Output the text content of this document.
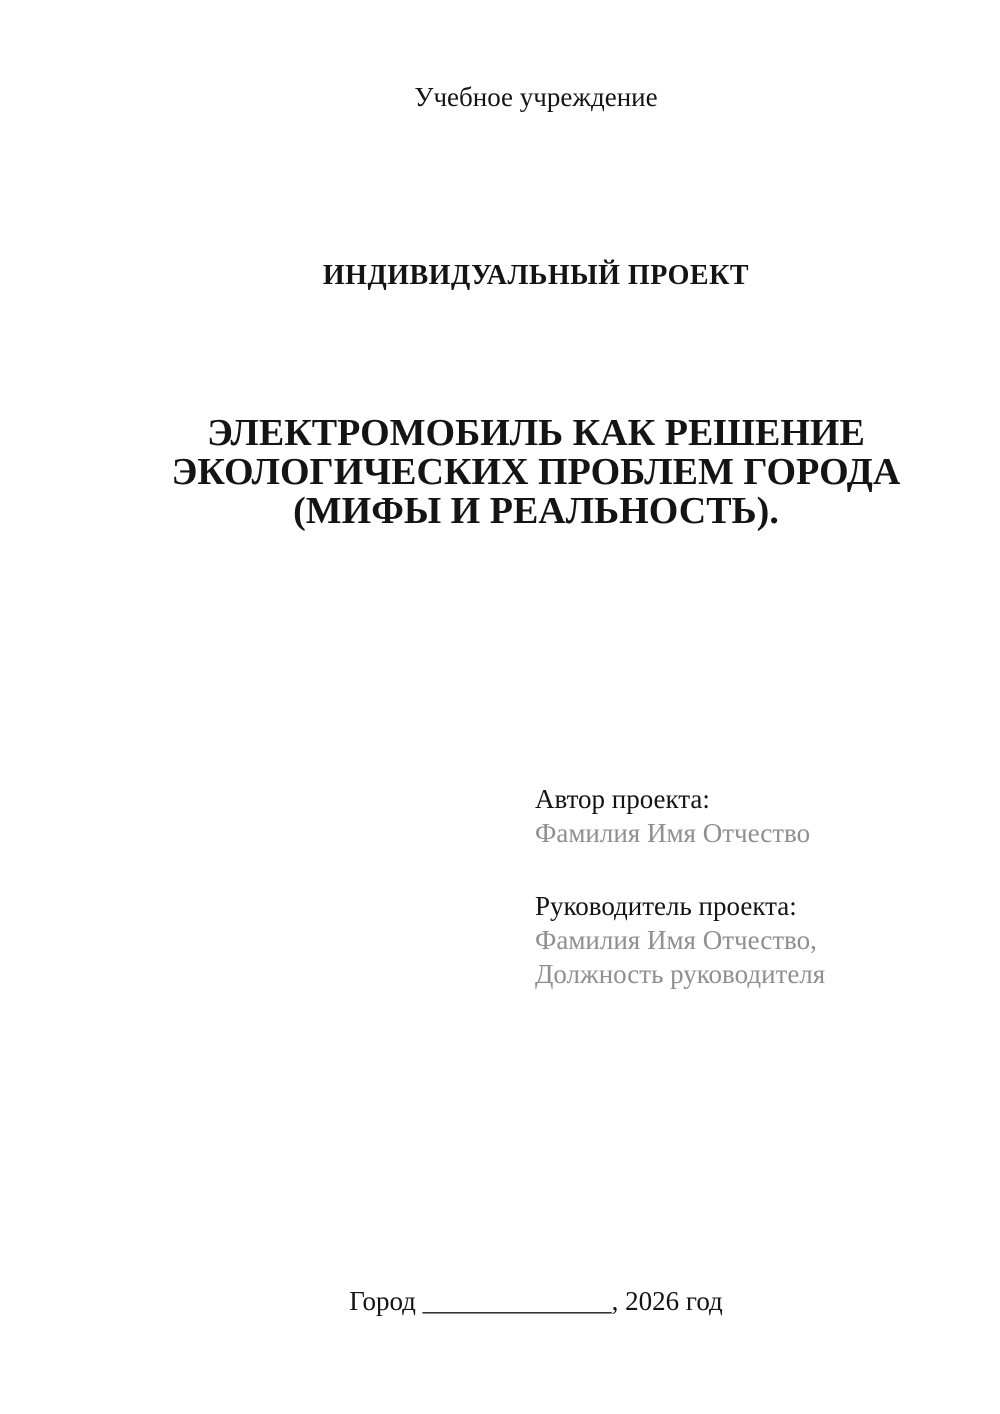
Учебное учреждение
ИНДИВИДУАЛЬНЫЙ ПРОЕКТ
ЭЛЕКТРОМОБИЛЬ КАК РЕШЕНИЕ
ЭКОЛОГИЧЕСКИХ ПРОБЛЕМ ГОРОДА
(МИФЫ И РЕАЛЬНОСТЬ).
Автор проекта:
Фамилия Имя Отчество
Руководитель проекта:
Фамилия Имя Отчество,
Должность руководителя
Город ______________, 2026 год
